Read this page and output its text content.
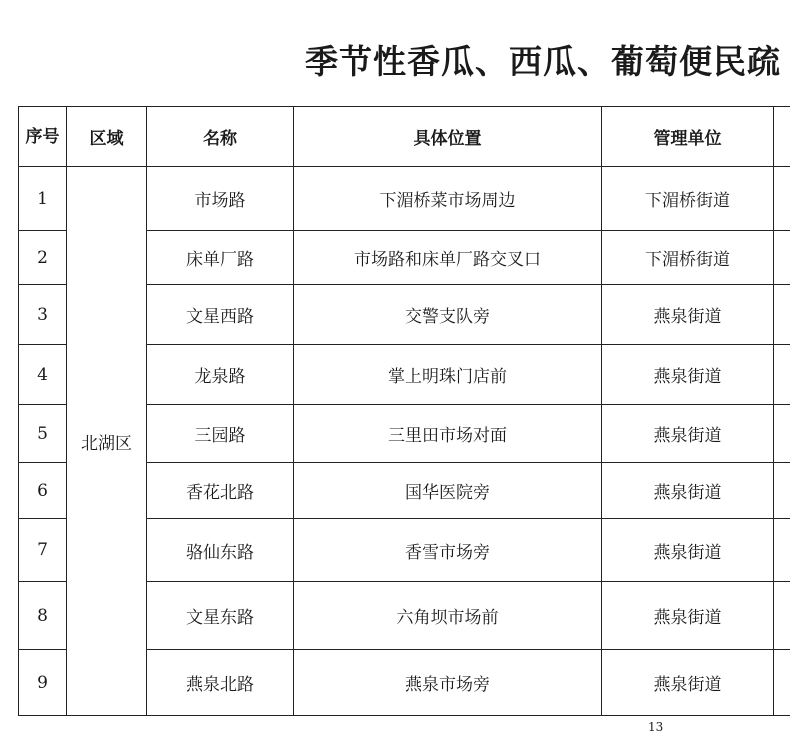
季节性香瓜、西瓜、葡萄便民疏
序号	区域	名称	具体位置	管理单位	
1	北湖区	市场路	下湄桥菜市场周边	下湄桥街道	
2		床单厂路	市场路和床单厂路交叉口	下湄桥街道	
3		文星西路	交警支队旁	燕泉街道	
4		龙泉路	掌上明珠门店前	燕泉街道	
5		三园路	三里田市场对面	燕泉街道	
6		香花北路	国华医院旁	燕泉街道	
7		骆仙东路	香雪市场旁	燕泉街道	
8		文星东路	六角坝市场前	燕泉街道	
9		燕泉北路	燕泉市场旁	燕泉街道	
13
